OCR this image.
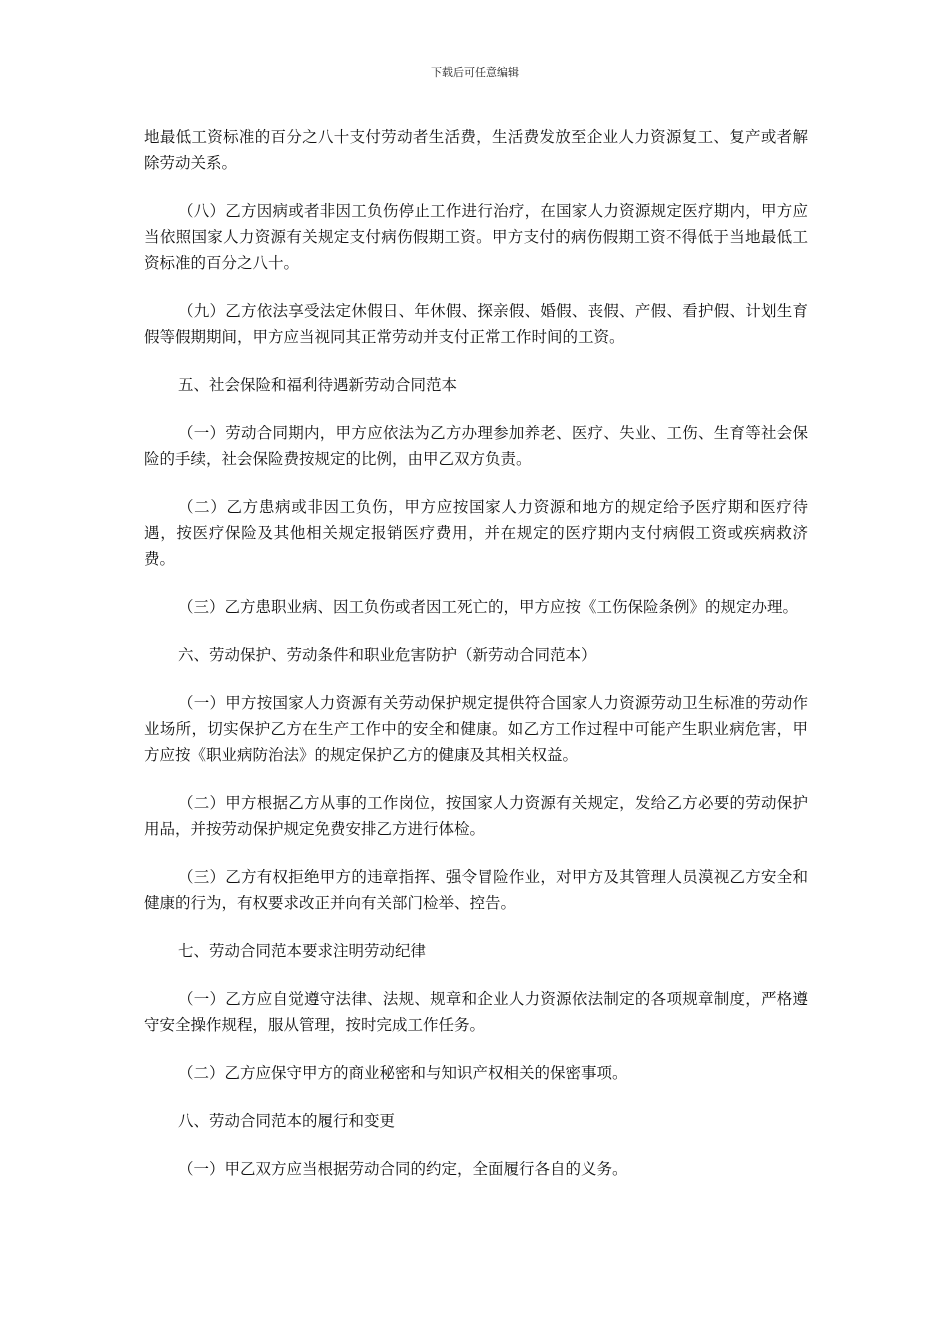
下载后可任意编辑

地最低工资标准的百分之八十支付劳动者生活费，生活费发放至企业人力资源复工、复产或者解除劳动关系。

（八）乙方因病或者非因工负伤停止工作进行治疗，在国家人力资源规定医疗期内，甲方应当依照国家人力资源有关规定支付病伤假期工资。甲方支付的病伤假期工资不得低于当地最低工资标准的百分之八十。

（九）乙方依法享受法定休假日、年休假、探亲假、婚假、丧假、产假、看护假、计划生育假等假期期间，甲方应当视同其正常劳动并支付正常工作时间的工资。

五、社会保险和福利待遇新劳动合同范本

（一）劳动合同期内，甲方应依法为乙方办理参加养老、医疗、失业、工伤、生育等社会保险的手续，社会保险费按规定的比例，由甲乙双方负责。

（二）乙方患病或非因工负伤，甲方应按国家人力资源和地方的规定给予医疗期和医疗待遇，按医疗保险及其他相关规定报销医疗费用，并在规定的医疗期内支付病假工资或疾病救济费。

（三）乙方患职业病、因工负伤或者因工死亡的，甲方应按《工伤保险条例》的规定办理。

六、劳动保护、劳动条件和职业危害防护（新劳动合同范本）

（一）甲方按国家人力资源有关劳动保护规定提供符合国家人力资源劳动卫生标准的劳动作业场所，切实保护乙方在生产工作中的安全和健康。如乙方工作过程中可能产生职业病危害，甲方应按《职业病防治法》的规定保护乙方的健康及其相关权益。

（二）甲方根据乙方从事的工作岗位，按国家人力资源有关规定，发给乙方必要的劳动保护用品，并按劳动保护规定免费安排乙方进行体检。

（三）乙方有权拒绝甲方的违章指挥、强令冒险作业，对甲方及其管理人员漠视乙方安全和健康的行为，有权要求改正并向有关部门检举、控告。

七、劳动合同范本要求注明劳动纪律

（一）乙方应自觉遵守法律、法规、规章和企业人力资源依法制定的各项规章制度，严格遵守安全操作规程，服从管理，按时完成工作任务。

（二）乙方应保守甲方的商业秘密和与知识产权相关的保密事项。

八、劳动合同范本的履行和变更

（一）甲乙双方应当根据劳动合同的约定，全面履行各自的义务。
